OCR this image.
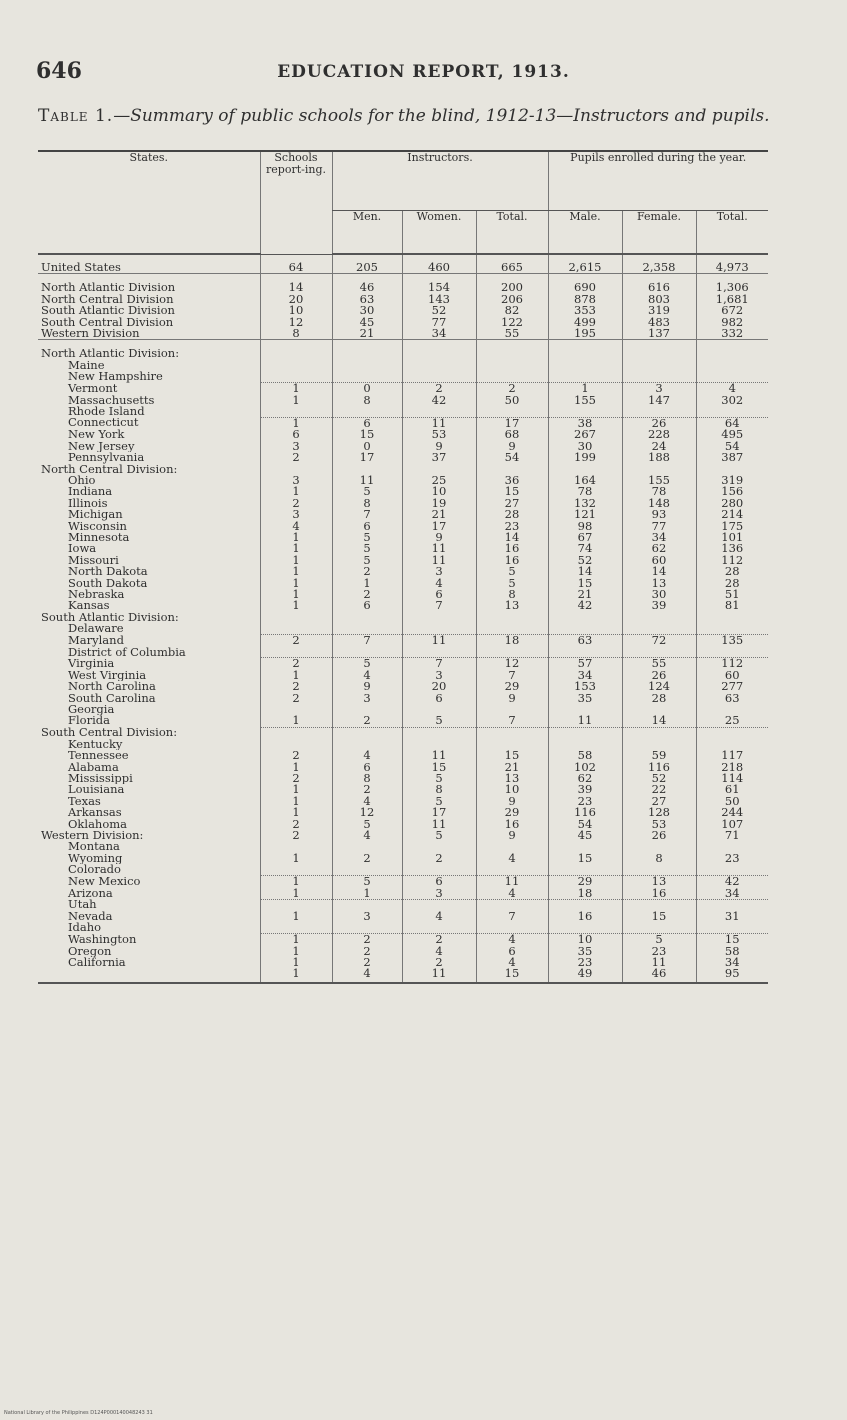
646	EDUCATION REPORT, 1913.
Table 1.—Summary of public schools for the blind, 1912-13—Instructors and pupils.

States.	Schools report-ing.	Instructors.			Pupils enrolled during the year.		
		Men.	Women.	Total.	Male.	Female.	Total.
United States	64	205	460	665	2,615	2,358	4,973

North Atlantic Division	14	46	154	200	690	616	1,306
North Central Division	20	63	143	206	878	803	1,681
South Atlantic Division	10	30	52	82	353	319	672
South Central Division	12	45	77	122	499	483	982
Western Division	8	21	34	55	195	137	332

North Atlantic Division:							
Maine							
New Hampshire							
Vermont	1	0	2	2	1	3	4
Massachusetts	1	8	42	50	155	147	302
Rhode Island							
Connecticut	1	6	11	17	38	26	64
New York	6	15	53	68	267	228	495
New Jersey	3	0	9	9	30	24	54
Pennsylvania	2	17	37	54	199	188	387
North Central Division:							
Ohio	3	11	25	36	164	155	319
Indiana	1	5	10	15	78	78	156
Illinois	2	8	19	27	132	148	280
Michigan	3	7	21	28	121	93	214
Wisconsin	4	6	17	23	98	77	175
Minnesota	1	5	9	14	67	34	101
Iowa	1	5	11	16	74	62	136
Missouri	1	5	11	16	52	60	112
North Dakota	1	2	3	5	14	14	28
South Dakota	1	1	4	5	15	13	28
Nebraska	1	2	6	8	21	30	51
Kansas	1	6	7	13	42	39	81
South Atlantic Division:							
Delaware							
Maryland	2	7	11	18	63	72	135
District of Columbia							
Virginia	2	5	7	12	57	55	112
West Virginia	1	4	3	7	34	26	60
North Carolina	2	9	20	29	153	124	277
South Carolina	2	3	6	9	35	28	63
Georgia							
Florida	1	2	5	7	11	14	25
South Central Division:							
Kentucky							
Tennessee	2	4	11	15	58	59	117
Alabama	1	6	15	21	102	116	218
Mississippi	2	8	5	13	62	52	114
Louisiana	1	2	8	10	39	22	61
Texas	1	4	5	9	23	27	50
Arkansas	1	12	17	29	116	128	244
Oklahoma	2	5	11	16	54	53	107
Western Division:	2	4	5	9	45	26	71
Montana							
Wyoming	1	2	2	4	15	8	23
Colorado							
New Mexico	1	5	6	11	29	13	42
Arizona	1	1	3	4	18	16	34
Utah							
Nevada	1	3	4	7	16	15	31
Idaho							
Washington	1	2	2	4	10	5	15
Oregon	1	2	4	6	35	23	58
California	1	2	2	4	23	11	34
	1	4	11	15	49	46	95
National Library of the Philippines D124P000140048243 31
